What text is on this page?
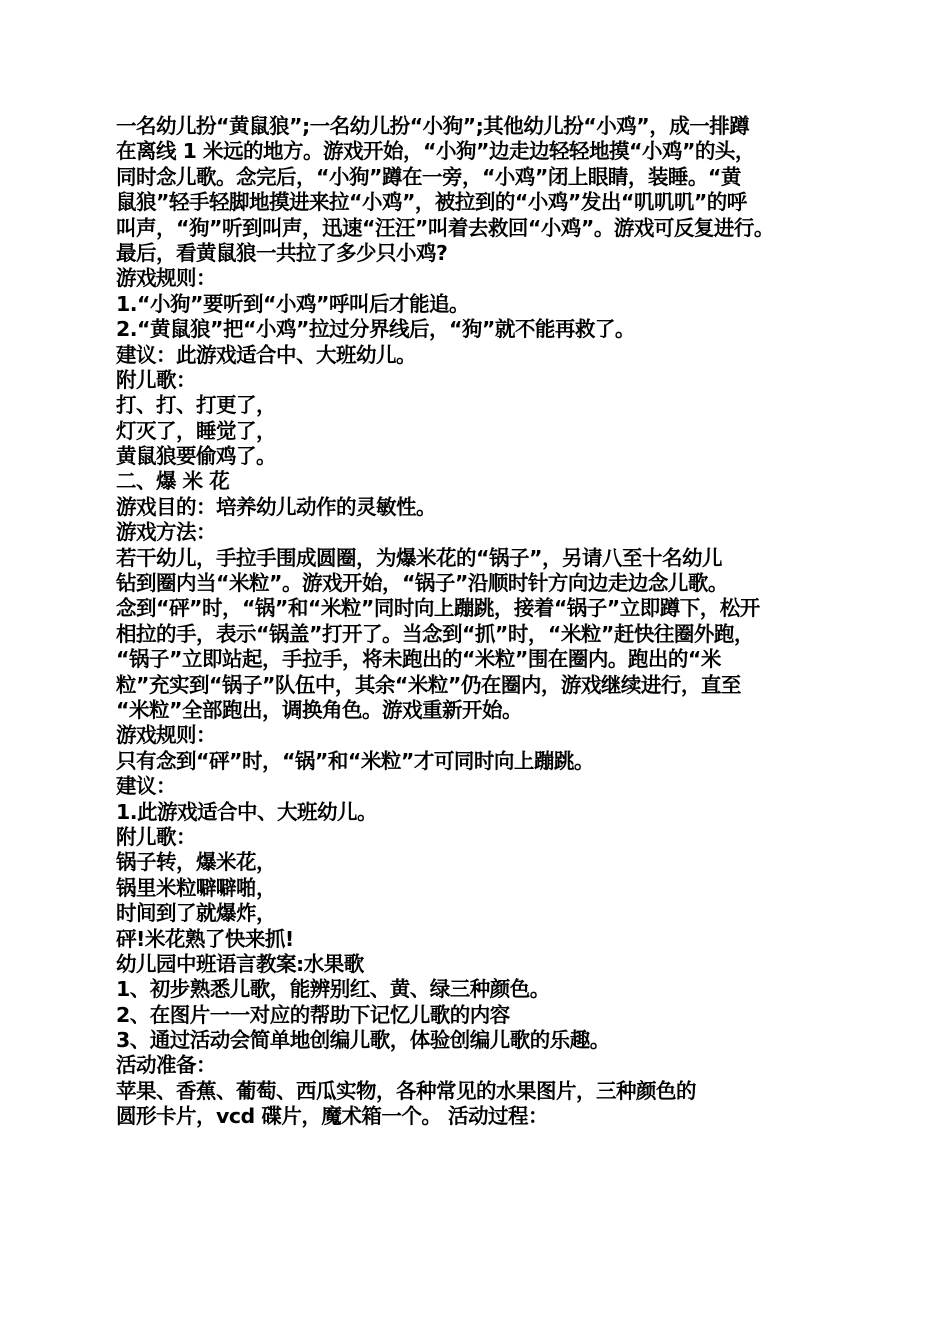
一名幼儿扮“黄鼠狼”;一名幼儿扮“小狗”;其他幼儿扮“小鸡”，成一排蹲
在离线 1 米远的地方。游戏开始，“小狗”边走边轻轻地摸“小鸡”的头，
同时念儿歌。念完后，“小狗”蹲在一旁，“小鸡”闭上眼睛，装睡。“黄
鼠狼”轻手轻脚地摸进来拉“小鸡”，被拉到的“小鸡”发出“叽叽叽”的呼
叫声，“狗”听到叫声，迅速“汪汪”叫着去救回“小鸡”。游戏可反复进行。
最后，看黄鼠狼一共拉了多少只小鸡?
游戏规则：
1.“小狗”要听到“小鸡”呼叫后才能追。
2.“黄鼠狼”把“小鸡”拉过分界线后，“狗”就不能再救了。
建议：此游戏适合中、大班幼儿。
附儿歌：
打、打、打更了，
灯灭了，睡觉了，
黄鼠狼要偷鸡了。
二、爆 米 花
游戏目的：培养幼儿动作的灵敏性。
游戏方法：
若干幼儿，手拉手围成圆圈，为爆米花的“锅子”，另请八至十名幼儿
钻到圈内当“米粒”。游戏开始，“锅子”沿顺时针方向边走边念儿歌。
念到“砰”时，“锅”和“米粒”同时向上蹦跳，接着“锅子”立即蹲下，松开
相拉的手，表示“锅盖”打开了。当念到“抓”时，“米粒”赶快往圈外跑，
“锅子”立即站起，手拉手，将未跑出的“米粒”围在圈内。跑出的“米
粒”充实到“锅子”队伍中，其余“米粒”仍在圈内，游戏继续进行，直至
“米粒”全部跑出，调换角色。游戏重新开始。
游戏规则：
只有念到“砰”时，“锅”和“米粒”才可同时向上蹦跳。
建议：
1.此游戏适合中、大班幼儿。
附儿歌：
锅子转，爆米花，
锅里米粒噼噼啪，
时间到了就爆炸，
砰!米花熟了快来抓!
幼儿园中班语言教案:水果歌
1、初步熟悉儿歌，能辨别红、黄、绿三种颜色。
2、在图片一一对应的帮助下记忆儿歌的内容
3、通过活动会简单地创编儿歌，体验创编儿歌的乐趣。
活动准备：
苹果、香蕉、葡萄、西瓜实物，各种常见的水果图片，三种颜色的
圆形卡片，vcd 碟片，魔术箱一个。 活动过程：
